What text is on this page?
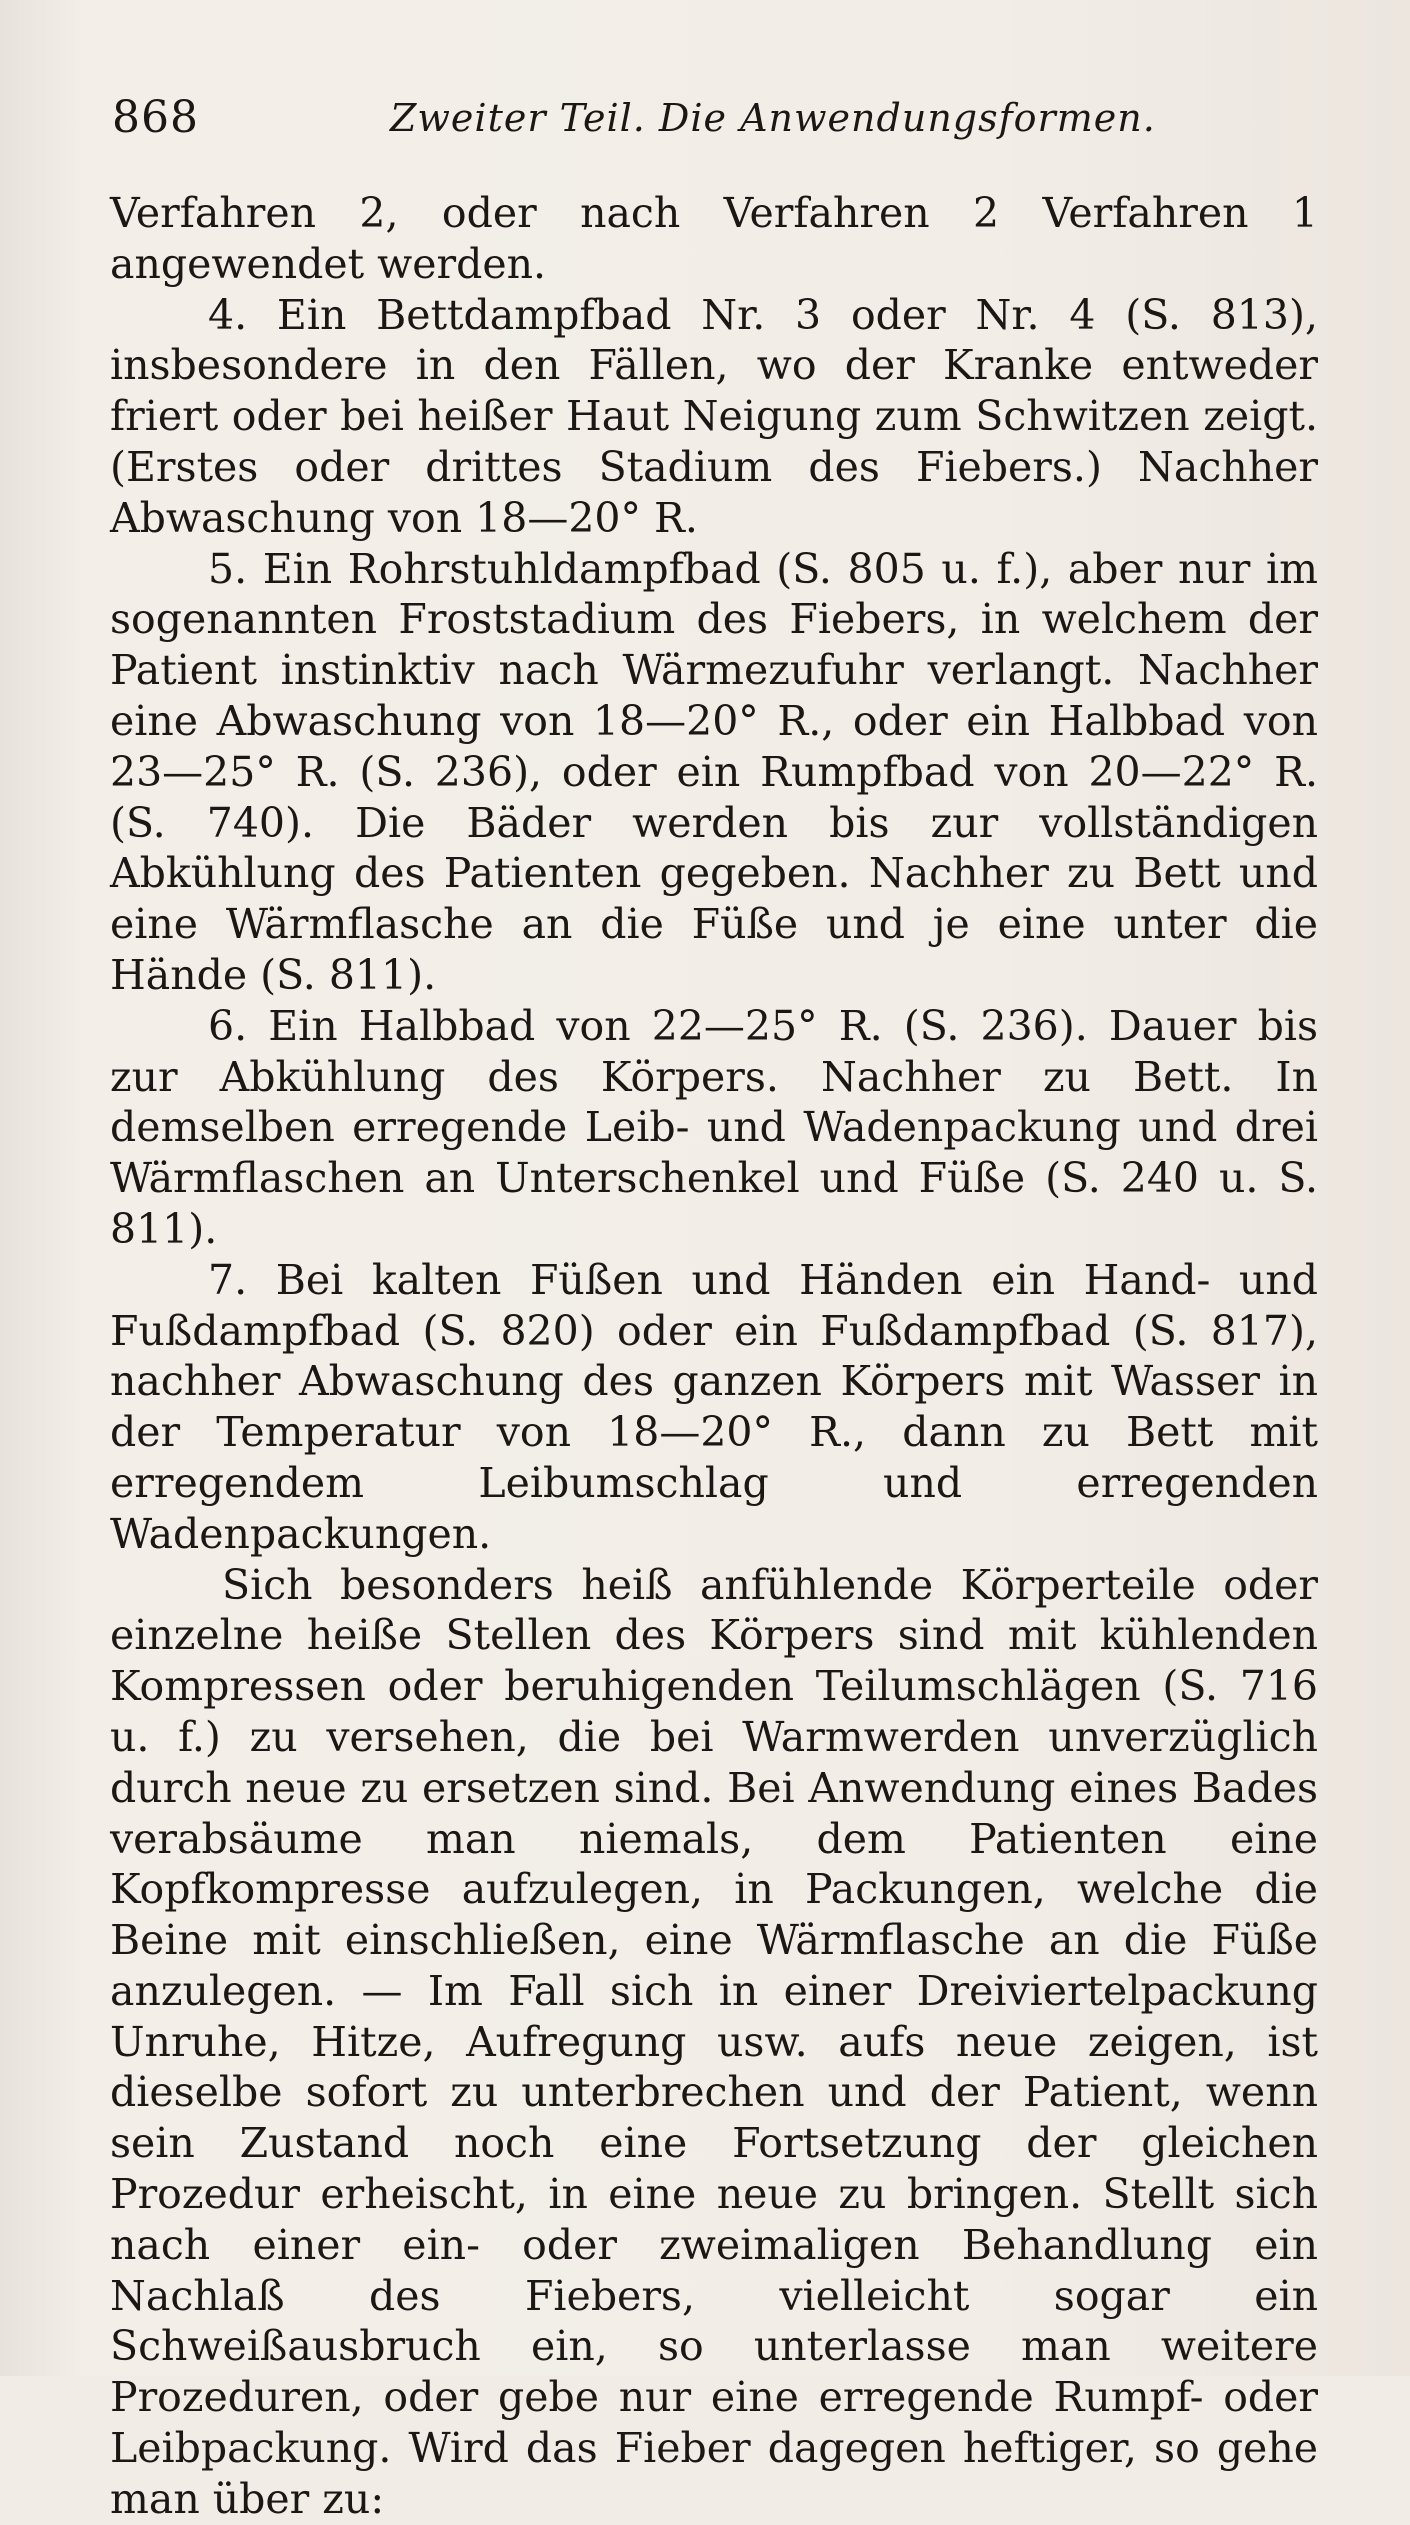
868	Zweiter Teil. Die Anwendungsformen.

Verfahren 2, oder nach Verfahren 2 Verfahren 1 angewendet werden.

4. Ein Bettdampfbad Nr. 3 oder Nr. 4 (S. 813), insbesondere in den Fällen, wo der Kranke entweder friert oder bei heißer Haut Neigung zum Schwitzen zeigt. (Erstes oder drittes Stadium des Fiebers.) Nachher Abwaschung von 18—20° R.

5. Ein Rohrstuhldampfbad (S. 805 u. f.), aber nur im sogenannten Froststadium des Fiebers, in welchem der Patient instinktiv nach Wärmezufuhr verlangt. Nachher eine Abwaschung von 18—20° R., oder ein Halbbad von 23—25° R. (S. 236), oder ein Rumpfbad von 20—22° R. (S. 740). Die Bäder werden bis zur vollständigen Abkühlung des Patienten gegeben. Nachher zu Bett und eine Wärmflasche an die Füße und je eine unter die Hände (S. 811).

6. Ein Halbbad von 22—25° R. (S. 236). Dauer bis zur Abkühlung des Körpers. Nachher zu Bett. In demselben erregende Leib- und Wadenpackung und drei Wärmflaschen an Unterschenkel und Füße (S. 240 u. S. 811).

7. Bei kalten Füßen und Händen ein Hand- und Fußdampfbad (S. 820) oder ein Fußdampfbad (S. 817), nachher Abwaschung des ganzen Körpers mit Wasser in der Temperatur von 18—20° R., dann zu Bett mit erregendem Leibumschlag und erregenden Wadenpackungen.

Sich besonders heiß anfühlende Körperteile oder einzelne heiße Stellen des Körpers sind mit kühlenden Kompressen oder beruhigenden Teilumschlägen (S. 716 u. f.) zu versehen, die bei Warmwerden unverzüglich durch neue zu ersetzen sind. Bei Anwendung eines Bades verabsäume man niemals, dem Patienten eine Kopfkompresse aufzulegen, in Packungen, welche die Beine mit einschließen, eine Wärmflasche an die Füße anzulegen. — Im Fall sich in einer Dreiviertelpackung Unruhe, Hitze, Aufregung usw. aufs neue zeigen, ist dieselbe sofort zu unterbrechen und der Patient, wenn sein Zustand noch eine Fortsetzung der gleichen Prozedur erheischt, in eine neue zu bringen. Stellt sich nach einer ein- oder zweimaligen Behandlung ein Nachlaß des Fiebers, vielleicht sogar ein Schweißausbruch ein, so unterlasse man weitere Prozeduren, oder gebe nur eine erregende Rumpf- oder Leibpackung. Wird das Fieber dagegen heftiger, so gehe man über zu:
